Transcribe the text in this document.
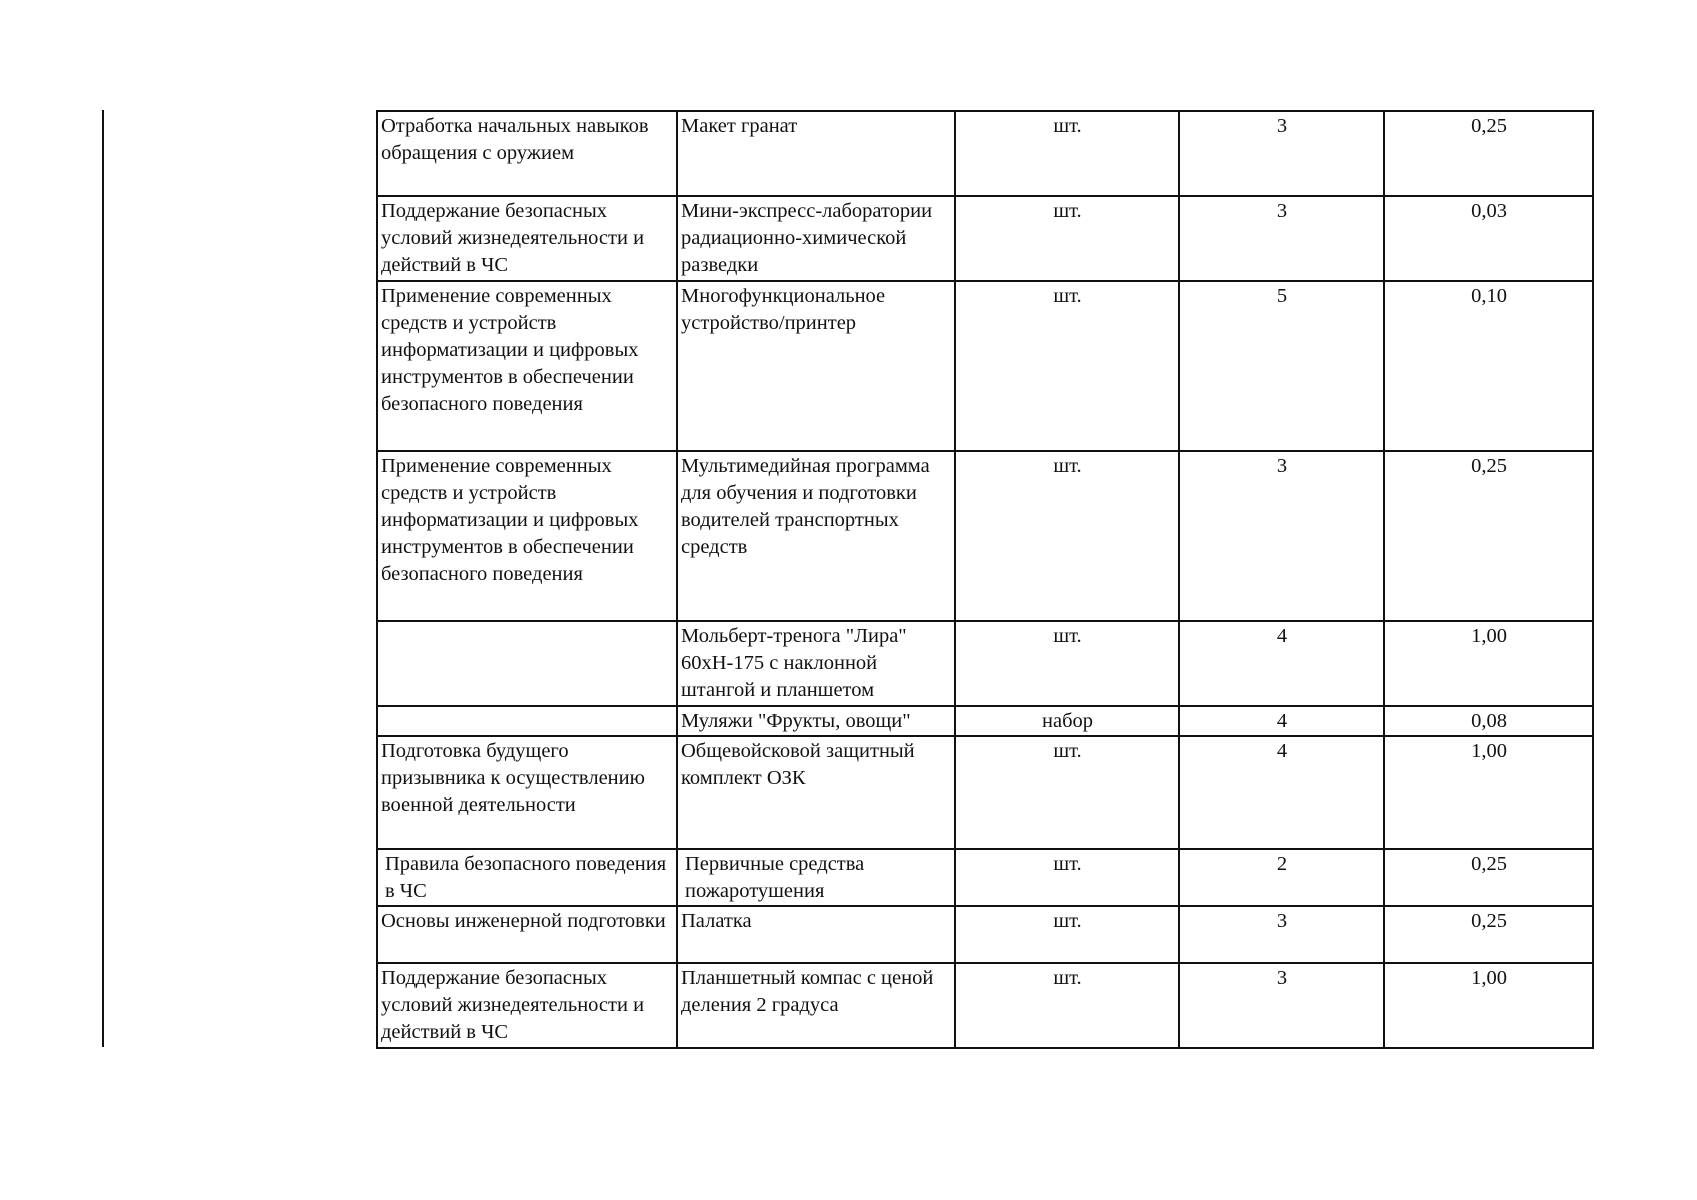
Отработка начальных навыков обращения с оружием	Макет гранат	шт.	3	0,25
Поддержание безопасных условий жизнедеятельности и действий в ЧС	Мини-экспресс-лаборатории радиационно-химической разведки	шт.	3	0,03
Применение современных средств и устройств информатизации и цифровых инструментов в обеспечении безопасного поведения	Многофункциональное устройство/принтер	шт.	5	0,10
Применение современных средств и устройств информатизации и цифровых инструментов в обеспечении безопасного поведения	Мультимедийная программа для обучения и подготовки водителей транспортных средств	шт.	3	0,25
	Мольберт-тренога "Лира" 60хН-175 с наклонной штангой и планшетом	шт.	4	1,00
	Муляжи "Фрукты, овощи"	набор	4	0,08
Подготовка будущего призывника к осуществлению военной деятельности	Общевойсковой защитный комплект ОЗК	шт.	4	1,00
Правила безопасного поведения в ЧС	Первичные средства пожаротушения	шт.	2	0,25
Основы инженерной подготовки	Палатка	шт.	3	0,25
Поддержание безопасных условий жизнедеятельности и действий в ЧС	Планшетный компас с ценой деления 2 градуса	шт.	3	1,00
